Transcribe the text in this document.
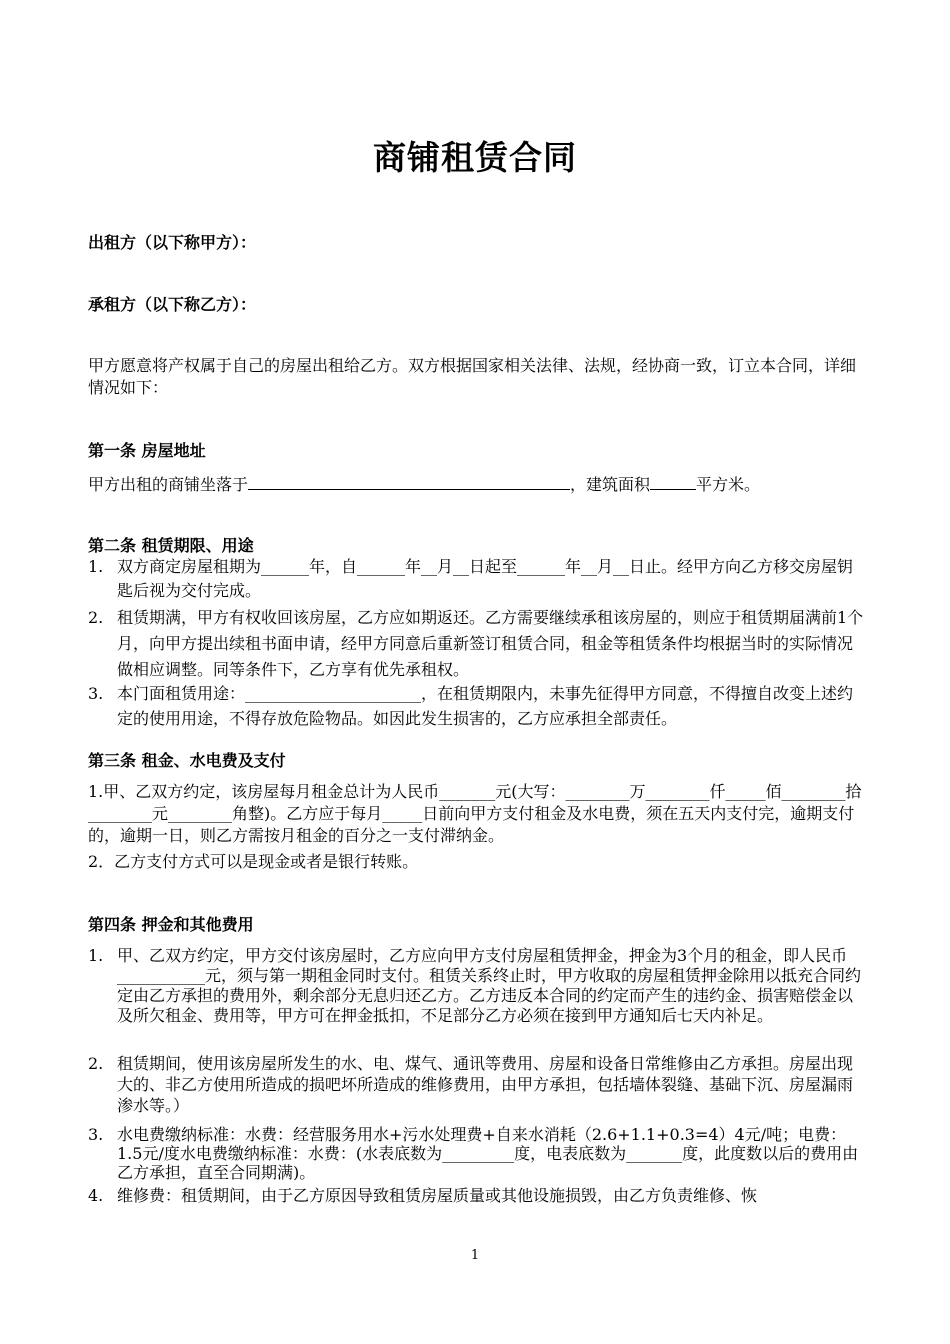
商铺租赁合同
出租方（以下称甲方）：
承租方（以下称乙方）：
甲方愿意将产权属于自己的房屋出租给乙方。双方根据国家相关法律、法规，经协商一致，订立本合同，详细情况如下：
第一条 房屋地址
甲方出租的商铺坐落于	，建筑面积	平方米。
第二条 租赁期限、用途
1. 双方商定房屋租期为______年，自______年__月__日起至______年__月__日止。经甲方向乙方移交房屋钥匙后视为交付完成。
2. 租赁期满，甲方有权收回该房屋，乙方应如期返还。乙方需要继续承租该房屋的，则应于租赁期届满前1个月，向甲方提出续租书面申请，经甲方同意后重新签订租赁合同，租金等租赁条件均根据当时的实际情况做相应调整。同等条件下，乙方享有优先承租权。
3. 本门面租赁用途：______________________，在租赁期限内，未事先征得甲方同意，不得擅自改变上述约定的使用用途，不得存放危险物品。如因此发生损害的，乙方应承担全部责任。
第三条 租金、水电费及支付
1.甲、乙双方约定，该房屋每月租金总计为人民币_______元(大写：________万________仟_____佰________拾________元________角整)。乙方应于每月_____日前向甲方支付租金及水电费，须在五天内支付完，逾期支付的，逾期一日，则乙方需按月租金的百分之一支付滞纳金。
2．乙方支付方式可以是现金或者是银行转账。
第四条 押金和其他费用
1. 甲、乙双方约定，甲方交付该房屋时，乙方应向甲方支付房屋租赁押金，押金为3个月的租金，即人民币___________元，须与第一期租金同时支付。租赁关系终止时，甲方收取的房屋租赁押金除用以抵充合同约定由乙方承担的费用外，剩余部分无息归还乙方。乙方违反本合同的约定而产生的违约金、损害赔偿金以及所欠租金、费用等，甲方可在押金抵扣，不足部分乙方必须在接到甲方通知后七天内补足。
2. 租赁期间，使用该房屋所发生的水、电、煤气、通讯等费用、房屋和设备日常维修由乙方承担。房屋出现大的、非乙方使用所造成的损吧坏所造成的维修费用，由甲方承担，包括墙体裂缝、基础下沉、房屋漏雨渗水等。）
3. 水电费缴纳标准：水费：经营服务用水+污水处理费+自来水消耗（2.6+1.1+0.3=4）4元/吨；电费：1.5元/度水电费缴纳标准：水费：(水表底数为_________度，电表底数为_______度，此度数以后的费用由乙方承担，直至合同期满)。
4. 维修费：租赁期间，由于乙方原因导致租赁房屋质量或其他设施损毁，由乙方负责维修、恢
1
